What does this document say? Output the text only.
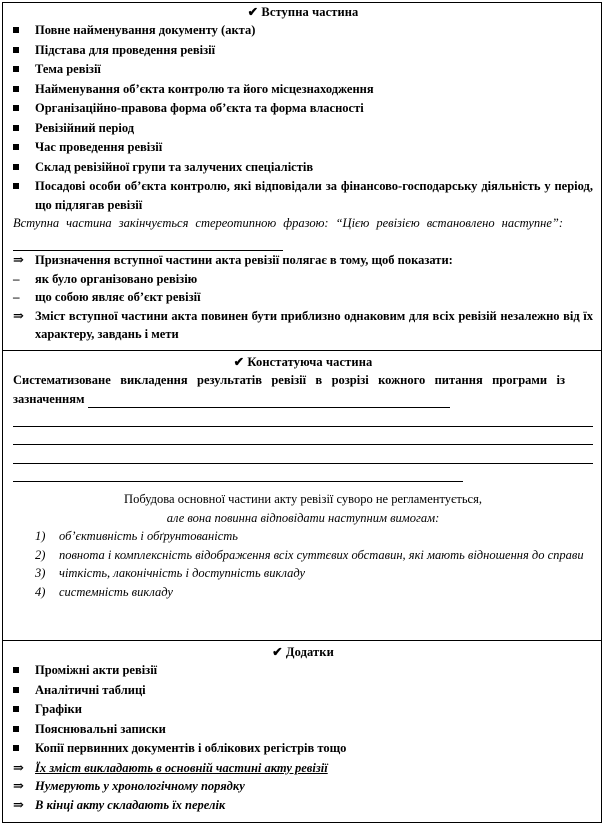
✔ Вступна частина
Повне найменування документу (акта)
Підстава для проведення ревізії
Тема ревізії
Найменування об’єкта контролю та його місцезнаходження
Організаційно-правова форма об’єкта та форма власності
Ревізійний період
Час проведення ревізії
Склад ревізійної групи та залучених спеціалістів
Посадові особи об’єкта контролю, які відповідали за фінансово-господарську діяльність у період, що підлягав ревізії
Вступна частина закінчується стереотипною фразою: “Цією ревізією встановлено наступне”:
⇒ Призначення вступної частини акта ревізії полягає в тому, щоб показати:
–	як було організовано ревізію
–	що собою являє об’єкт ревізії
⇒ Зміст вступної частини акта повинен бути приблизно однаковим для всіх ревізій незалежно від їх характеру, завдань і мети
✔ Констатуюча частина
Систематизоване викладення результатів ревізії в розрізі кожного питання програми із зазначенням
Побудова основної частини акту ревізії суворо не регламентується,
але вона повинна відповідати наступним вимогам:
1)	об’єктивність і обґрунтованість
2)	повнота і комплексність відображення всіх суттєвих обставин, які мають відношення до справи
3)	чіткість, лаконічність і доступність викладу
4)	системність викладу
✔ Додатки
Проміжні акти ревізії
Аналітичні таблиці
Графіки
Пояснювальні записки
Копії первинних документів і облікових регістрів тощо
⇒ Їх зміст викладають в основній частині акту ревізії
⇒ Нумерують у хронологічному порядку
⇒ В кінці акту складають їх перелік
